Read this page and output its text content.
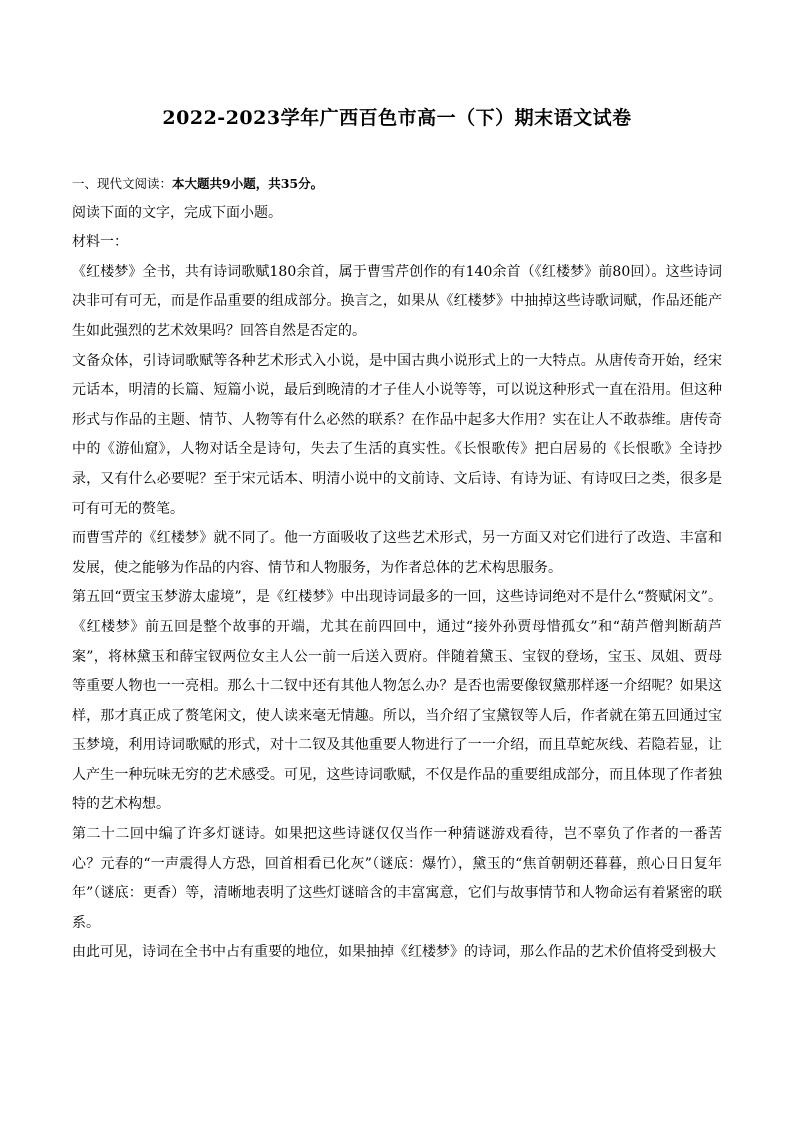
2022-2023学年广西百色市高一（下）期末语文试卷

一、现代文阅读：本大题共9小题，共35分。

阅读下面的文字，完成下面小题。

材料一：

《红楼梦》全书，共有诗词歌赋180余首，属于曹雪芹创作的有140余首（《红楼梦》前80回）。这些诗词决非可有可无，而是作品重要的组成部分。换言之，如果从《红楼梦》中抽掉这些诗歌词赋，作品还能产生如此强烈的艺术效果吗？回答自然是否定的。

文备众体，引诗词歌赋等各种艺术形式入小说，是中国古典小说形式上的一大特点。从唐传奇开始，经宋元话本，明清的长篇、短篇小说，最后到晚清的才子佳人小说等等，可以说这种形式一直在沿用。但这种形式与作品的主题、情节、人物等有什么必然的联系？在作品中起多大作用？实在让人不敢恭维。唐传奇中的《游仙窟》，人物对话全是诗句，失去了生活的真实性。《长恨歌传》把白居易的《长恨歌》全诗抄录，又有什么必要呢？至于宋元话本、明清小说中的文前诗、文后诗、有诗为证、有诗叹曰之类，很多是可有可无的赘笔。

而曹雪芹的《红楼梦》就不同了。他一方面吸收了这些艺术形式，另一方面又对它们进行了改造、丰富和发展，使之能够为作品的内容、情节和人物服务，为作者总体的艺术构思服务。

第五回“贾宝玉梦游太虚境”，是《红楼梦》中出现诗词最多的一回，这些诗词绝对不是什么“赘赋闲文”。《红楼梦》前五回是整个故事的开端，尤其在前四回中，通过“接外孙贾母惜孤女”和“葫芦僧判断葫芦案”，将林黛玉和薛宝钗两位女主人公一前一后送入贾府。伴随着黛玉、宝钗的登场，宝玉、凤姐、贾母等重要人物也一一亮相。那么十二钗中还有其他人物怎么办？是否也需要像钗黛那样逐一介绍呢？如果这样，那才真正成了赘笔闲文，使人读来毫无情趣。所以，当介绍了宝黛钗等人后，作者就在第五回通过宝玉梦境，利用诗词歌赋的形式，对十二钗及其他重要人物进行了一一介绍，而且草蛇灰线、若隐若显，让人产生一种玩味无穷的艺术感受。可见，这些诗词歌赋，不仅是作品的重要组成部分，而且体现了作者独特的艺术构想。

第二十二回中编了许多灯谜诗。如果把这些诗谜仅仅当作一种猜谜游戏看待，岂不辜负了作者的一番苦心？元春的“一声震得人方恐，回首相看已化灰”（谜底：爆竹），黛玉的“焦首朝朝还暮暮，煎心日日复年年”（谜底：更香）等，清晰地表明了这些灯谜暗含的丰富寓意，它们与故事情节和人物命运有着紧密的联系。

由此可见，诗词在全书中占有重要的地位，如果抽掉《红楼梦》的诗词，那么作品的艺术价值将受到极大
